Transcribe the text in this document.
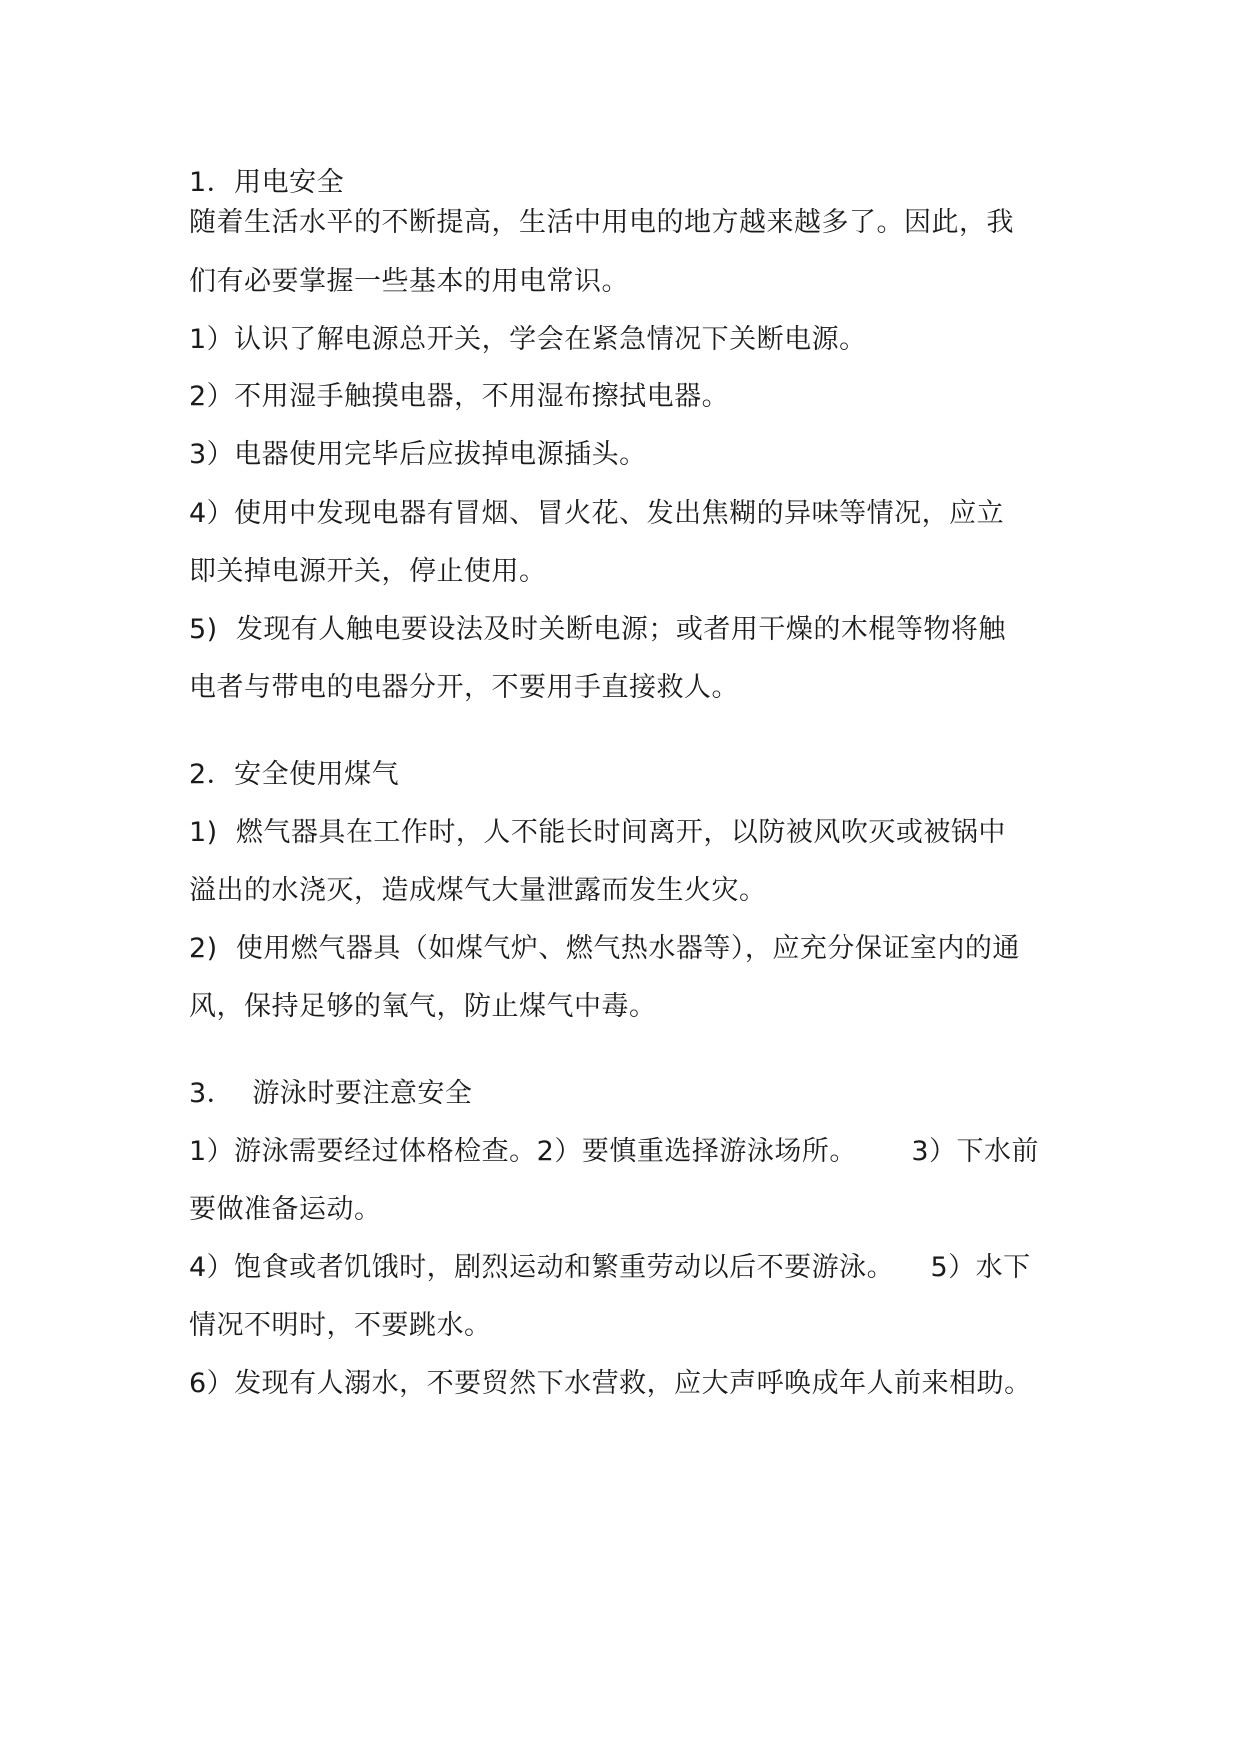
1．用电安全
随着生活水平的不断提高，生活中用电的地方越来越多了。因此，我
们有必要掌握一些基本的用电常识。
1）认识了解电源总开关，学会在紧急情况下关断电源。
2）不用湿手触摸电器，不用湿布擦拭电器。
3）电器使用完毕后应拔掉电源插头。
4）使用中发现电器有冒烟、冒火花、发出焦糊的异味等情况，应立
即关掉电源开关，停止使用。
5)  发现有人触电要设法及时关断电源；或者用干燥的木棍等物将触
电者与带电的电器分开，不要用手直接救人。
2．安全使用煤气
1)  燃气器具在工作时，人不能长时间离开，以防被风吹灭或被锅中
溢出的水浇灭，造成煤气大量泄露而发生火灾。
2)  使用燃气器具（如煤气炉、燃气热水器等），应充分保证室内的通
风，保持足够的氧气，防止煤气中毒。
3．  游泳时要注意安全
1）游泳需要经过体格检查。2）要慎重选择游泳场所。      3）下水前
要做准备运动。
4）饱食或者饥饿时，剧烈运动和繁重劳动以后不要游泳。    5）水下
情况不明时，不要跳水。
6）发现有人溺水，不要贸然下水营救，应大声呼唤成年人前来相助。
